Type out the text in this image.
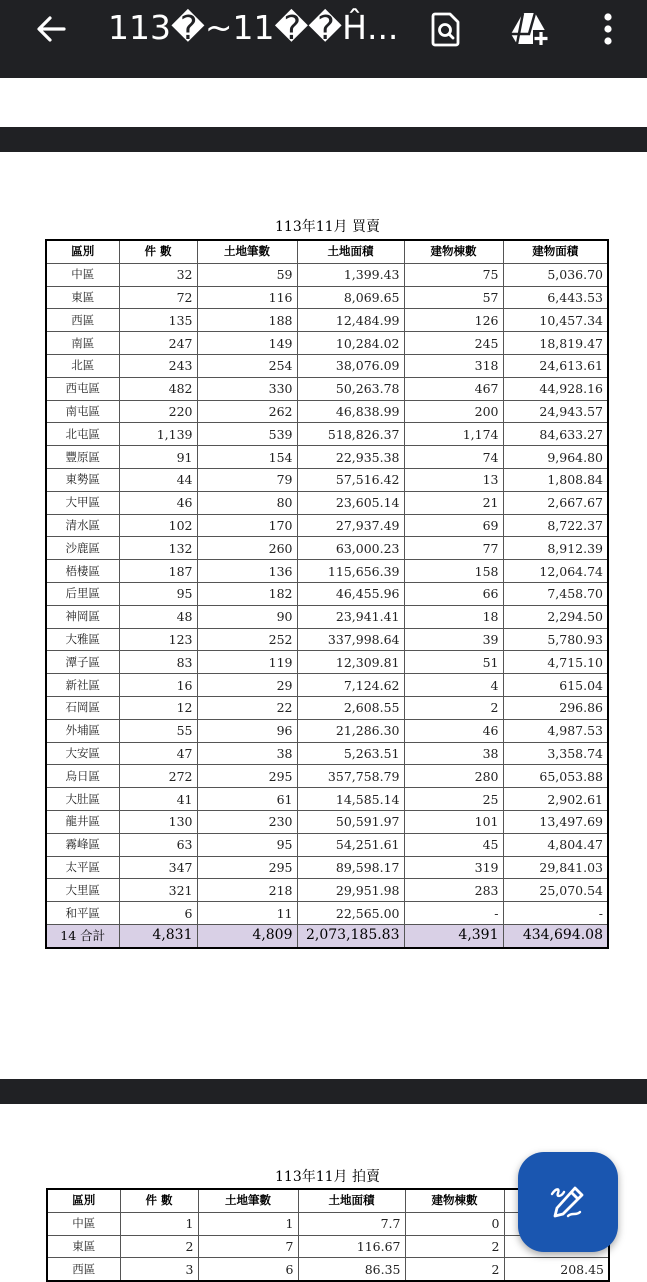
113�~11��Ĥ...
113年11月 買賣
區別	件 數	土地筆數	土地面積	建物棟數	建物面積
中區	32	59	1,399.43	75	5,036.70
東區	72	116	8,069.65	57	6,443.53
西區	135	188	12,484.99	126	10,457.34
南區	247	149	10,284.02	245	18,819.47
北區	243	254	38,076.09	318	24,613.61
西屯區	482	330	50,263.78	467	44,928.16
南屯區	220	262	46,838.99	200	24,943.57
北屯區	1,139	539	518,826.37	1,174	84,633.27
豐原區	91	154	22,935.38	74	9,964.80
東勢區	44	79	57,516.42	13	1,808.84
大甲區	46	80	23,605.14	21	2,667.67
清水區	102	170	27,937.49	69	8,722.37
沙鹿區	132	260	63,000.23	77	8,912.39
梧棲區	187	136	115,656.39	158	12,064.74
后里區	95	182	46,455.96	66	7,458.70
神岡區	48	90	23,941.41	18	2,294.50
大雅區	123	252	337,998.64	39	5,780.93
潭子區	83	119	12,309.81	51	4,715.10
新社區	16	29	7,124.62	4	615.04
石岡區	12	22	2,608.55	2	296.86
外埔區	55	96	21,286.30	46	4,987.53
大安區	47	38	5,263.51	38	3,358.74
烏日區	272	295	357,758.79	280	65,053.88
大肚區	41	61	14,585.14	25	2,902.61
龍井區	130	230	50,591.97	101	13,497.69
霧峰區	63	95	54,251.61	45	4,804.47
太平區	347	295	89,598.17	319	29,841.03
大里區	321	218	29,951.98	283	25,070.54
和平區	6	11	22,565.00	-	-
14 合計	4,831	4,809	2,073,185.83	4,391	434,694.08
113年11月 拍賣
區別	件 數	土地筆數	土地面積	建物棟數	
中區	1	1	7.7	0	
東區	2	7	116.67	2	
西區	3	6	86.35	2	208.45
